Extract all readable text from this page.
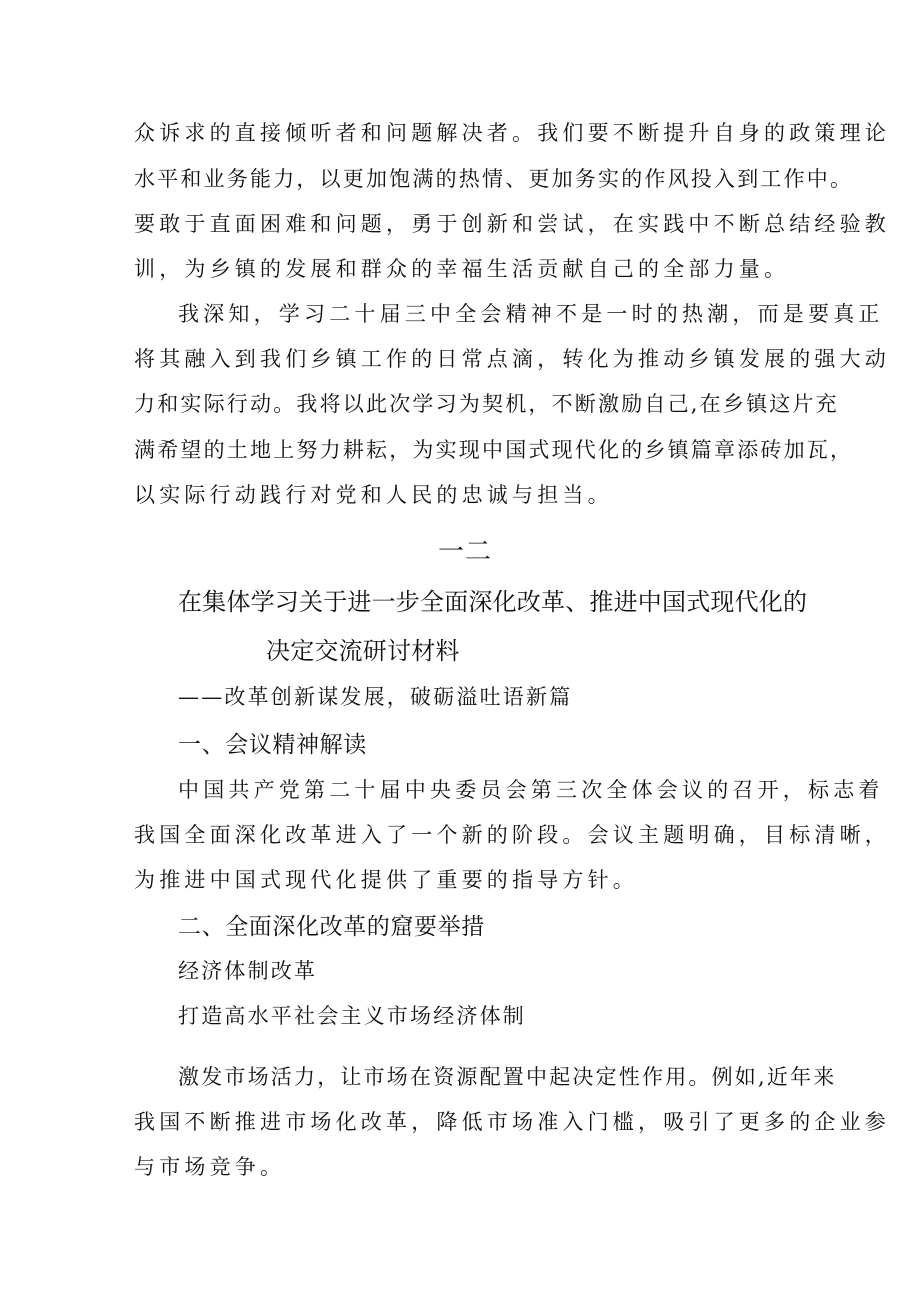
众诉求的直接倾听者和问题解决者。我们要不断提升自身的政策理论
水平和业务能力，以更加饱满的热情、更加务实的作风投入到工作中。
要敢于直面困难和问题，勇于创新和尝试，在实践中不断总结经验教
训，为乡镇的发展和群众的幸福生活贡献自己的全部力量。
我深知，学习二十届三中全会精神不是一时的热潮，而是要真正
将其融入到我们乡镇工作的日常点滴，转化为推动乡镇发展的强大动
力和实际行动。我将以此次学习为契机，不断激励自己,在乡镇这片充
满希望的土地上努力耕耘，为实现中国式现代化的乡镇篇章添砖加瓦，
以实际行动践行对党和人民的忠诚与担当。
一二
在集体学习关于进一步全面深化改革、推进中国式现代化的
决定交流研讨材料
——改革创新谋发展，破砺溢吐语新篇
一、会议精神解读
中国共产党第二十届中央委员会第三次全体会议的召开，标志着
我国全面深化改革进入了一个新的阶段。会议主题明确，目标清晰，
为推进中国式现代化提供了重要的指导方针。
二、全面深化改革的窟要举措
经济体制改革
打造高水平社会主义市场经济体制
激发市场活力，让市场在资源配置中起决定性作用。例如,近年来
我国不断推进市场化改革，降低市场准入门槛，吸引了更多的企业参
与市场竞争。
